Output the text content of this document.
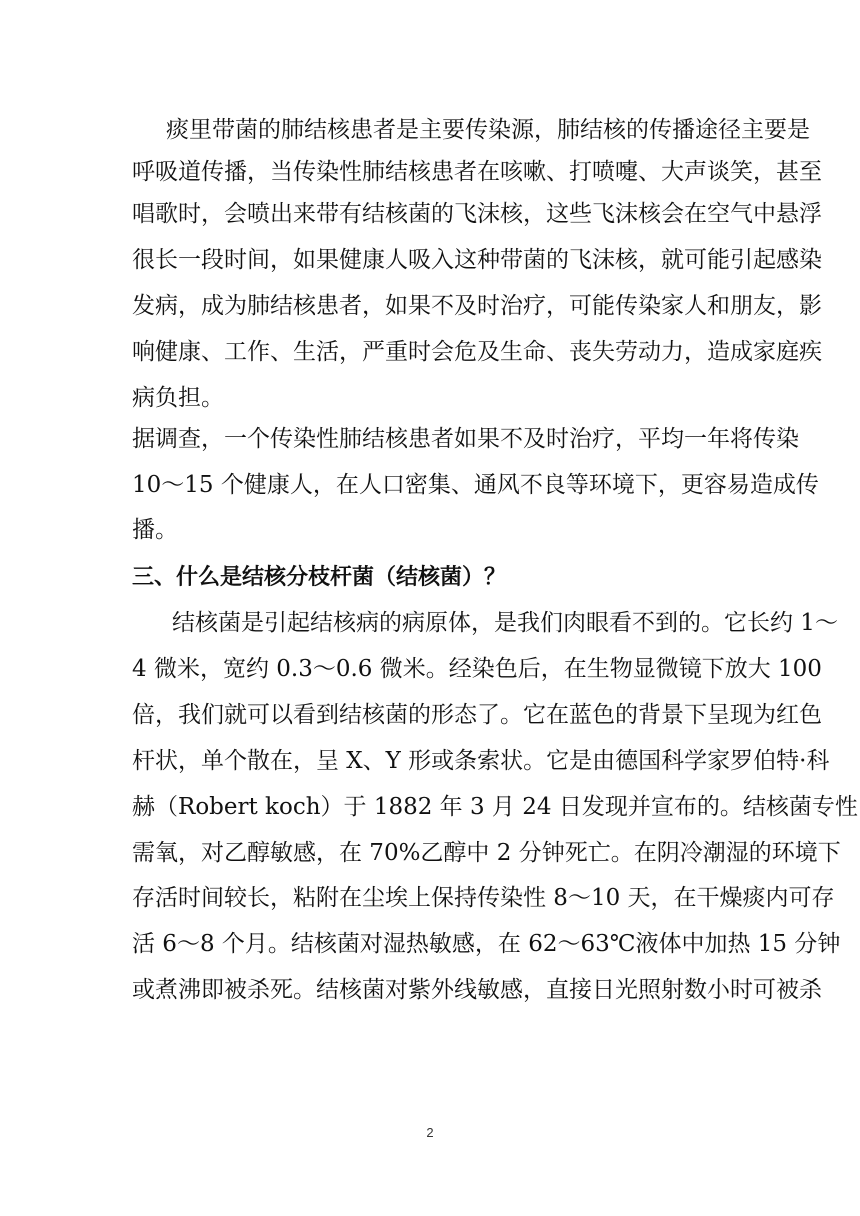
痰里带菌的肺结核患者是主要传染源，肺结核的传播途径主要是
呼吸道传播，当传染性肺结核患者在咳嗽、打喷嚏、大声谈笑，甚至
唱歌时，会喷出来带有结核菌的飞沫核，这些飞沫核会在空气中悬浮
很长一段时间，如果健康人吸入这种带菌的飞沫核，就可能引起感染
发病，成为肺结核患者，如果不及时治疗，可能传染家人和朋友，影
响健康、工作、生活，严重时会危及生命、丧失劳动力，造成家庭疾
病负担。
据调查，一个传染性肺结核患者如果不及时治疗，平均一年将传染
10～15 个健康人，在人口密集、通风不良等环境下，更容易造成传
播。
三、什么是结核分枝杆菌（结核菌）？
结核菌是引起结核病的病原体，是我们肉眼看不到的。它长约 1～
4 微米，宽约 0.3～0.6 微米。经染色后，在生物显微镜下放大 100
倍，我们就可以看到结核菌的形态了。它在蓝色的背景下呈现为红色
杆状，单个散在，呈 X、Y 形或条索状。它是由德国科学家罗伯特·科
赫（Robert koch）于 1882 年 3 月 24 日发现并宣布的。结核菌专性
需氧，对乙醇敏感，在 70%乙醇中 2 分钟死亡。在阴冷潮湿的环境下
存活时间较长，粘附在尘埃上保持传染性 8～10 天，在干燥痰内可存
活 6～8 个月。结核菌对湿热敏感，在 62～63℃液体中加热 15 分钟
或煮沸即被杀死。结核菌对紫外线敏感，直接日光照射数小时可被杀
2
